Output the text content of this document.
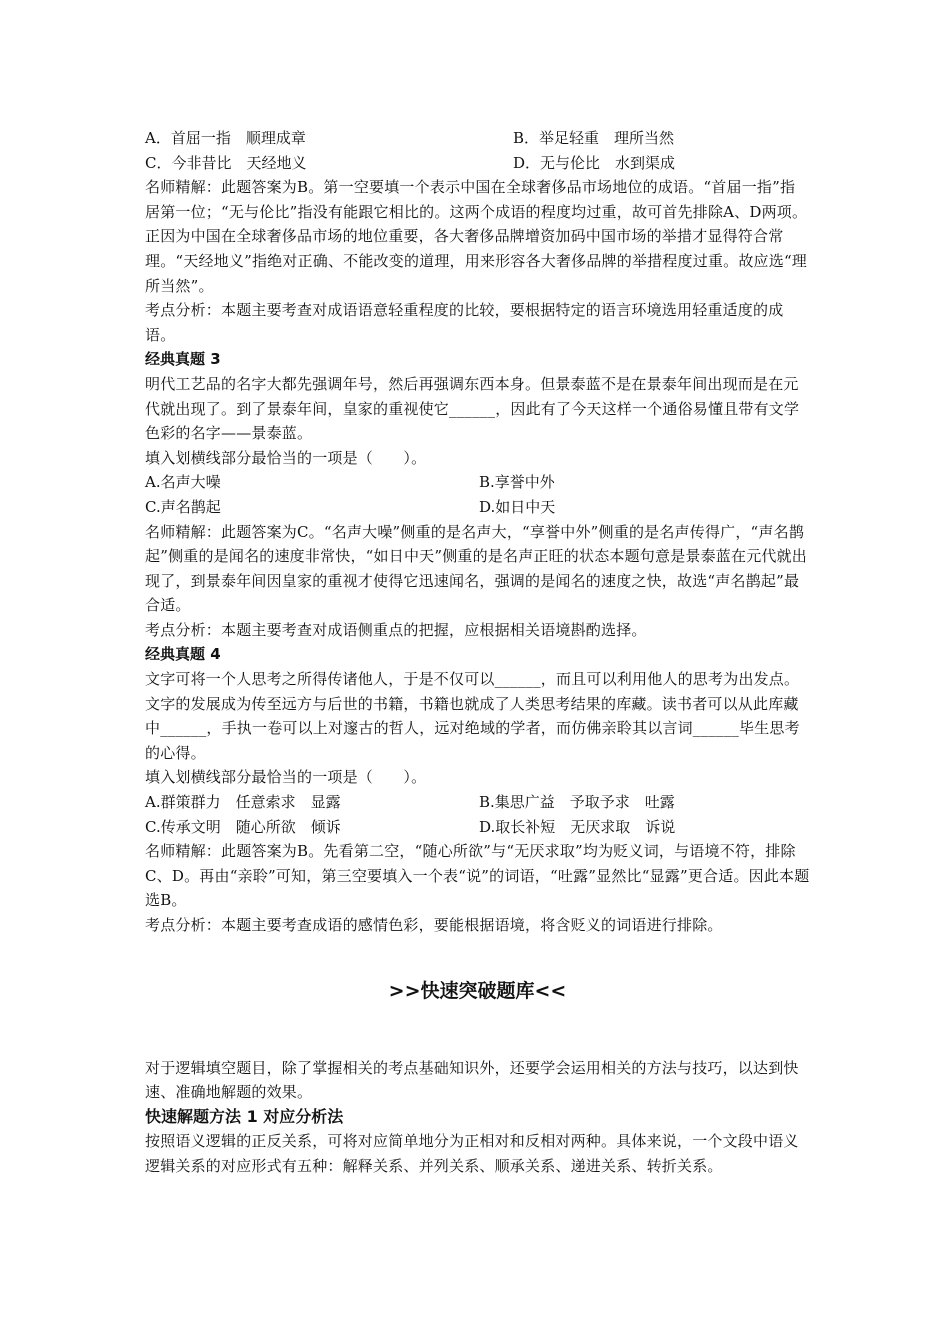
A．首屈一指　顺理成章	B．举足轻重　理所当然
C．今非昔比　天经地义	D．无与伦比　水到渠成

名师精解：此题答案为B。第一空要填一个表示中国在全球奢侈品市场地位的成语。“首届一指”指居第一位；“无与伦比”指没有能跟它相比的。这两个成语的程度均过重，故可首先排除A、D两项。正因为中国在全球奢侈品市场的地位重要，各大奢侈品牌增资加码中国市场的举措才显得符合常理。“天经地义”指绝对正确、不能改变的道理，用来形容各大奢侈品牌的举措程度过重。故应选“理所当然”。

考点分析：本题主要考查对成语语意轻重程度的比较，要根据特定的语言环境选用轻重适度的成语。

经典真题 3

明代工艺品的名字大都先强调年号，然后再强调东西本身。但景泰蓝不是在景泰年间出现而是在元代就出现了。到了景泰年间，皇家的重视使它______，因此有了今天这样一个通俗易懂且带有文学色彩的名字——景泰蓝。

填入划横线部分最恰当的一项是（　　）。

A.名声大噪	B.享誉中外
C.声名鹊起	D.如日中天

名师精解：此题答案为C。“名声大噪”侧重的是名声大，“享誉中外”侧重的是名声传得广，“声名鹊起”侧重的是闻名的速度非常快，“如日中天”侧重的是名声正旺的状态本题句意是景泰蓝在元代就出现了，到景泰年间因皇家的重视才使得它迅速闻名，强调的是闻名的速度之快，故选“声名鹊起”最合适。

考点分析：本题主要考查对成语侧重点的把握，应根据相关语境斟酌选择。

经典真题 4

文字可将一个人思考之所得传诸他人，于是不仅可以______，而且可以利用他人的思考为出发点。文字的发展成为传至远方与后世的书籍，书籍也就成了人类思考结果的库藏。读书者可以从此库藏中______，手执一卷可以上对邃古的哲人，远对绝域的学者，而仿佛亲聆其以言词______毕生思考的心得。

填入划横线部分最恰当的一项是（　　）。

A.群策群力　任意索求　显露	B.集思广益　予取予求　吐露
C.传承文明　随心所欲　倾诉	D.取长补短　无厌求取　诉说

名师精解：此题答案为B。先看第二空，“随心所欲”与“无厌求取”均为贬义词，与语境不符，排除C、D。再由“亲聆”可知，第三空要填入一个表“说”的词语，“吐露”显然比“显露”更合适。因此本题选B。

考点分析：本题主要考查成语的感情色彩，要能根据语境，将含贬义的词语进行排除。

>>快速突破题库<<

对于逻辑填空题目，除了掌握相关的考点基础知识外，还要学会运用相关的方法与技巧，以达到快速、准确地解题的效果。

快速解题方法 1 对应分析法

按照语义逻辑的正反关系，可将对应简单地分为正相对和反相对两种。具体来说，一个文段中语义逻辑关系的对应形式有五种：解释关系、并列关系、顺承关系、递进关系、转折关系。
